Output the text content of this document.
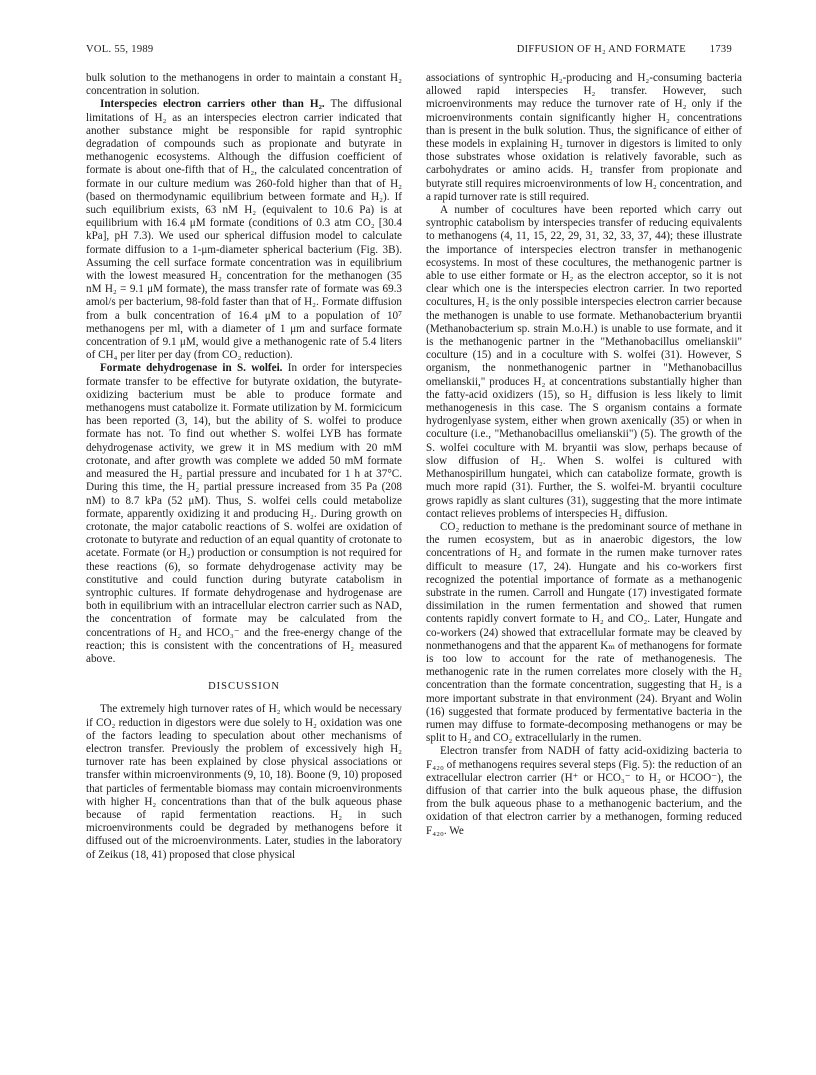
VOL. 55, 1989	DIFFUSION OF H₂ AND FORMATE 1739

bulk solution to the methanogens in order to maintain a constant H₂ concentration in solution.

Interspecies electron carriers other than H₂. The diffusional limitations of H₂ as an interspecies electron carrier indicated that another substance might be responsible for rapid syntrophic degradation of compounds such as propionate and butyrate in methanogenic ecosystems. Although the diffusion coefficient of formate is about one-fifth that of H₂, the calculated concentration of formate in our culture medium was 260-fold higher than that of H₂ (based on thermodynamic equilibrium between formate and H₂). If such equilibrium exists, 63 nM H₂ (equivalent to 10.6 Pa) is at equilibrium with 16.4 μM formate (conditions of 0.3 atm CO₂ [30.4 kPa], pH 7.3). We used our spherical diffusion model to calculate formate diffusion to a 1-μm-diameter spherical bacterium (Fig. 3B). Assuming the cell surface formate concentration was in equilibrium with the lowest measured H₂ concentration for the methanogen (35 nM H₂ = 9.1 μM formate), the mass transfer rate of formate was 69.3 amol/s per bacterium, 98-fold faster than that of H₂. Formate diffusion from a bulk concentration of 16.4 μM to a population of 10⁷ methanogens per ml, with a diameter of 1 μm and surface formate concentration of 9.1 μM, would give a methanogenic rate of 5.4 liters of CH₄ per liter per day (from CO₂ reduction).

Formate dehydrogenase in S. wolfei. In order for interspecies formate transfer to be effective for butyrate oxidation, the butyrate-oxidizing bacterium must be able to produce formate and methanogens must catabolize it. Formate utilization by M. formicicum has been reported (3, 14), but the ability of S. wolfei to produce formate has not. To find out whether S. wolfei LYB has formate dehydrogenase activity, we grew it in MS medium with 20 mM crotonate, and after growth was complete we added 50 mM formate and measured the H₂ partial pressure and incubated for 1 h at 37°C. During this time, the H₂ partial pressure increased from 35 Pa (208 nM) to 8.7 kPa (52 μM). Thus, S. wolfei cells could metabolize formate, apparently oxidizing it and producing H₂. During growth on crotonate, the major catabolic reactions of S. wolfei are oxidation of crotonate to butyrate and reduction of an equal quantity of crotonate to acetate. Formate (or H₂) production or consumption is not required for these reactions (6), so formate dehydrogenase activity may be constitutive and could function during butyrate catabolism in syntrophic cultures. If formate dehydrogenase and hydrogenase are both in equilibrium with an intracellular electron carrier such as NAD, the concentration of formate may be calculated from the concentrations of H₂ and HCO₃⁻ and the free-energy change of the reaction; this is consistent with the concentrations of H₂ measured above.

DISCUSSION

The extremely high turnover rates of H₂ which would be necessary if CO₂ reduction in digestors were due solely to H₂ oxidation was one of the factors leading to speculation about other mechanisms of electron transfer. Previously the problem of excessively high H₂ turnover rate has been explained by close physical associations or transfer within microenvironments (9, 10, 18). Boone (9, 10) proposed that particles of fermentable biomass may contain microenvironments with higher H₂ concentrations than that of the bulk aqueous phase because of rapid fermentation reactions. H₂ in such microenvironments could be degraded by methanogens before it diffused out of the microenvironments. Later, studies in the laboratory of Zeikus (18, 41) proposed that close physical

associations of syntrophic H₂-producing and H₂-consuming bacteria allowed rapid interspecies H₂ transfer. However, such microenvironments may reduce the turnover rate of H₂ only if the microenvironments contain significantly higher H₂ concentrations than is present in the bulk solution. Thus, the significance of either of these models in explaining H₂ turnover in digestors is limited to only those substrates whose oxidation is relatively favorable, such as carbohydrates or amino acids. H₂ transfer from propionate and butyrate still requires microenvironments of low H₂ concentration, and a rapid turnover rate is still required.

A number of cocultures have been reported which carry out syntrophic catabolism by interspecies transfer of reducing equivalents to methanogens (4, 11, 15, 22, 29, 31, 32, 33, 37, 44); these illustrate the importance of interspecies electron transfer in methanogenic ecosystems. In most of these cocultures, the methanogenic partner is able to use either formate or H₂ as the electron acceptor, so it is not clear which one is the interspecies electron carrier. In two reported cocultures, H₂ is the only possible interspecies electron carrier because the methanogen is unable to use formate. Methanobacterium bryantii (Methanobacterium sp. strain M.o.H.) is unable to use formate, and it is the methanogenic partner in the "Methanobacillus omelianskii" coculture (15) and in a coculture with S. wolfei (31). However, S organism, the nonmethanogenic partner in "Methanobacillus omelianskii," produces H₂ at concentrations substantially higher than the fatty-acid oxidizers (15), so H₂ diffusion is less likely to limit methanogenesis in this case. The S organism contains a formate hydrogenlyase system, either when grown axenically (35) or when in coculture (i.e., "Methanobacillus omelianskii") (5). The growth of the S. wolfei coculture with M. bryantii was slow, perhaps because of slow diffusion of H₂. When S. wolfei is cultured with Methanospirillum hungatei, which can catabolize formate, growth is much more rapid (31). Further, the S. wolfei-M. bryantii coculture grows rapidly as slant cultures (31), suggesting that the more intimate contact relieves problems of interspecies H₂ diffusion.

CO₂ reduction to methane is the predominant source of methane in the rumen ecosystem, but as in anaerobic digestors, the low concentrations of H₂ and formate in the rumen make turnover rates difficult to measure (17, 24). Hungate and his co-workers first recognized the potential importance of formate as a methanogenic substrate in the rumen. Carroll and Hungate (17) investigated formate dissimilation in the rumen fermentation and showed that rumen contents rapidly convert formate to H₂ and CO₂. Later, Hungate and co-workers (24) showed that extracellular formate may be cleaved by nonmethanogens and that the apparent Kₘ of methanogens for formate is too low to account for the rate of methanogenesis. The methanogenic rate in the rumen correlates more closely with the H₂ concentration than the formate concentration, suggesting that H₂ is a more important substrate in that environment (24). Bryant and Wolin (16) suggested that formate produced by fermentative bacteria in the rumen may diffuse to formate-decomposing methanogens or may be split to H₂ and CO₂ extracellularly in the rumen.

Electron transfer from NADH of fatty acid-oxidizing bacteria to F₄₂₀ of methanogens requires several steps (Fig. 5): the reduction of an extracellular electron carrier (H⁺ or HCO₃⁻ to H₂ or HCOO⁻), the diffusion of that carrier into the bulk aqueous phase, the diffusion from the bulk aqueous phase to a methanogenic bacterium, and the oxidation of that electron carrier by a methanogen, forming reduced F₄₂₀. We
